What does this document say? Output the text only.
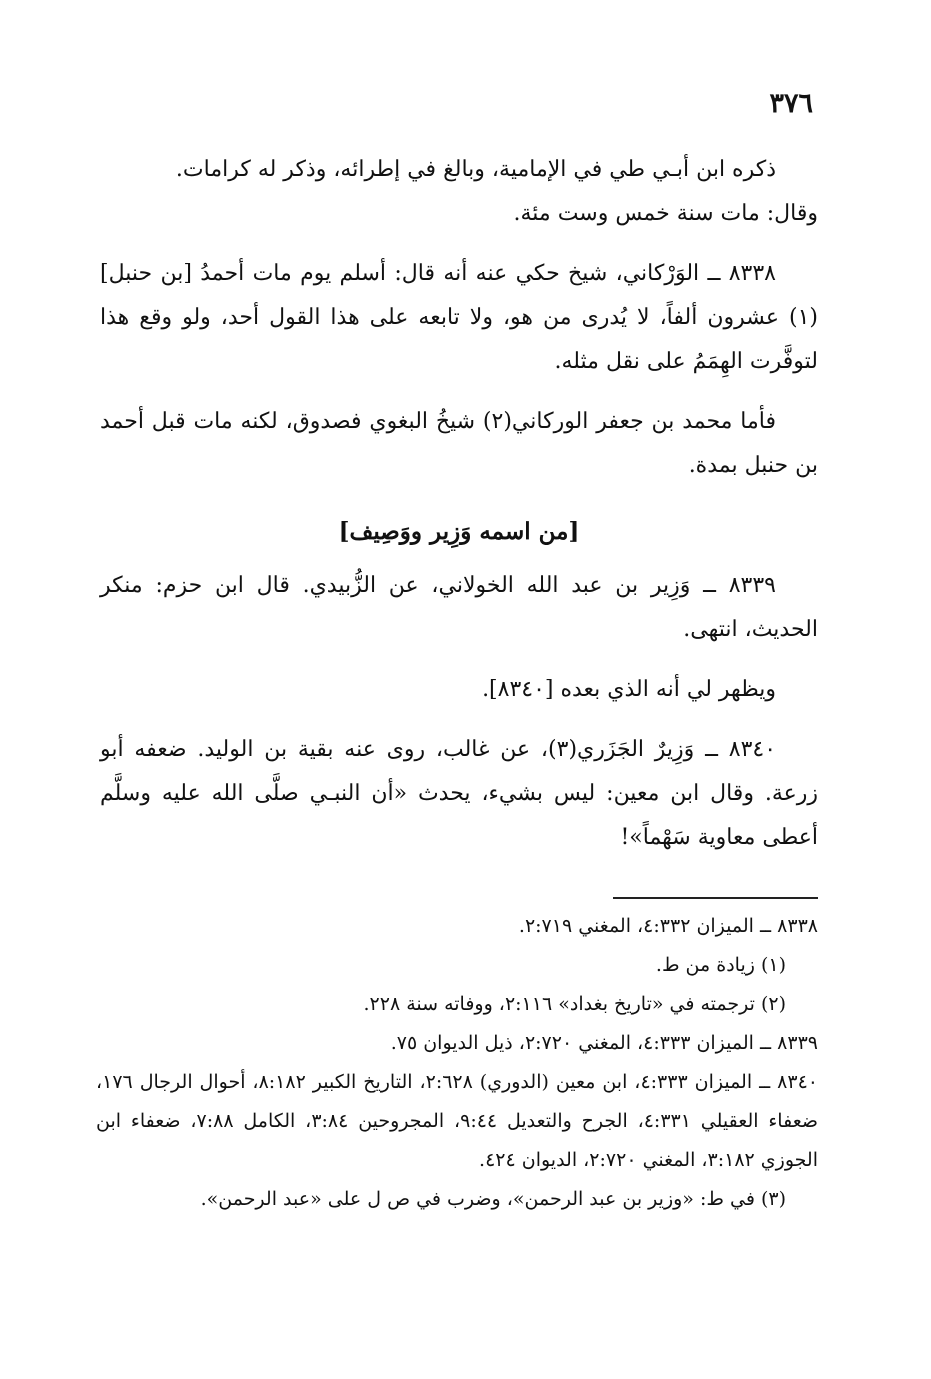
٣٧٦

ذكره ابن أبـي طي في الإمامية، وبالغ في إطرائه، وذكر له كرامات.
وقال: مات سنة خمس وست مئة.

٨٣٣٨ ــ الوَرْكاني، شيخ حكي عنه أنه قال: أسلم يوم مات أحمدُ [بن حنبل](١) عشرون ألفاً، لا يُدرى من هو، ولا تابعه على هذا القول أحد، ولو وقع هذا لتوفَّرت الهِمَمُ على نقل مثله.

فأما محمد بن جعفر الوركاني(٢) شيخُ البغوي فصدوق، لكنه مات قبل أحمد بن حنبل بمدة.

[من اسمه وَزِير ووَصِيف]

٨٣٣٩ ــ وَزِير بن عبد الله الخولاني، عن الزُّبيدي. قال ابن حزم: منكر الحديث، انتهى.

ويظهر لي أنه الذي بعده [٨٣٤٠].

٨٣٤٠ ــ وَزِيرٌ الجَزَري(٣)، عن غالب، روى عنه بقية بن الوليد. ضعفه أبو زرعة. وقال ابن معين: ليس بشيء، يحدث «أن النبـي صلَّى الله عليه وسلَّم أعطى معاوية سَهْماً»!

٨٣٣٨ ــ الميزان ٤:٣٣٢، المغني ٢:٧١٩.

(١) زيادة من ط.

(٢) ترجمته في «تاريخ بغداد» ٢:١١٦، ووفاته سنة ٢٢٨.

٨٣٣٩ ــ الميزان ٤:٣٣٣، المغني ٢:٧٢٠، ذيل الديوان ٧٥.

٨٣٤٠ ــ الميزان ٤:٣٣٣، ابن معين (الدوري) ٢:٦٢٨، التاريخ الكبير ٨:١٨٢، أحوال الرجال ١٧٦، ضعفاء العقيلي ٤:٣٣١، الجرح والتعديل ٩:٤٤، المجروحين ٣:٨٤، الكامل ٧:٨٨، ضعفاء ابن الجوزي ٣:١٨٢، المغني ٢:٧٢٠، الديوان ٤٢٤.

(٣) في ط: «وزير بن عبد الرحمن»، وضرب في ص ل على «عبد الرحمن».
